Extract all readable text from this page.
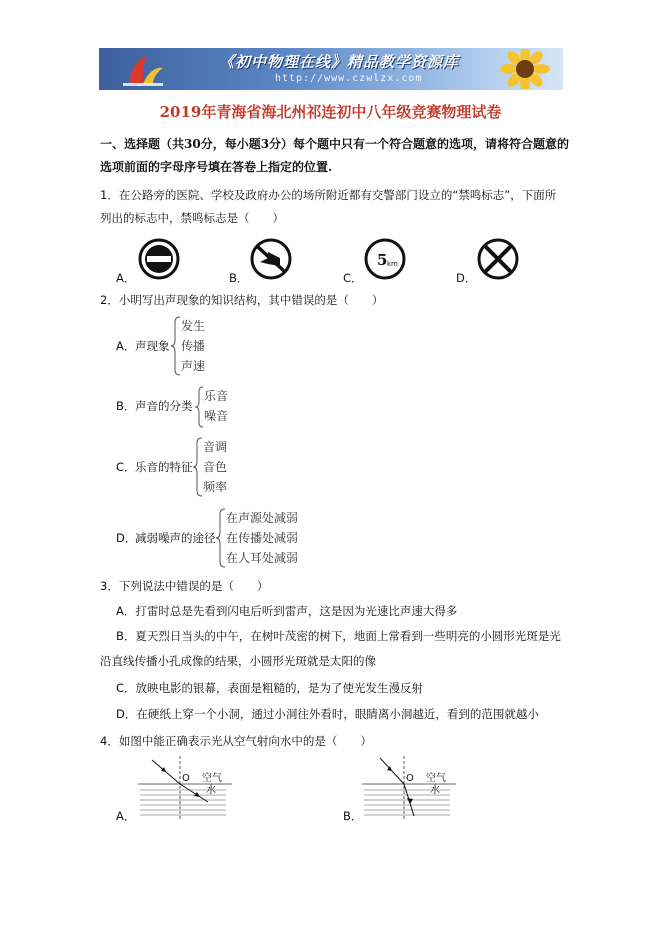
《初中物理在线》精品教学资源库
http://www.czwlzx.com
2019年青海省海北州祁连初中八年级竞赛物理试卷
一、选择题（共30分，每小题3分）每个题中只有一个符合题意的选项，请将符合题意的
选项前面的字母序号填在答卷上指定的位置.
1．在公路旁的医院、学校及政府办公的场所附近都有交警部门设立的“禁鸣标志”，下面所
列出的标志中，禁鸣标志是（　　）
A．	B．	C．
5 km
D．
2．小明写出声现象的知识结构，其中错误的是（　　）
A． 声现象
发生
传播
声速
B． 声音的分类
乐音
噪音
C． 乐音的特征
音调
音色
频率
D．
减弱噪声的途径
在声源处减弱
在传播处减弱
在人耳处减弱
3．下列说法中错误的是（　　）
A．打雷时总是先看到闪电后听到雷声，这是因为光速比声速大得多
B．夏天烈日当头的中午，在树叶茂密的树下，地面上常看到一些明亮的小圆形光斑是光
沿直线传播小孔成像的结果，小圆形光斑就是太阳的像
C．放映电影的银幕，表面是粗糙的，是为了使光发生漫反射
D．在硬纸上穿一个小洞，通过小洞往外看时，眼睛离小洞越近，看到的范围就越小
4．如图中能正确表示光从空气射向水中的是（　　）
A．
O 空气
水
B．
O 空气
水
